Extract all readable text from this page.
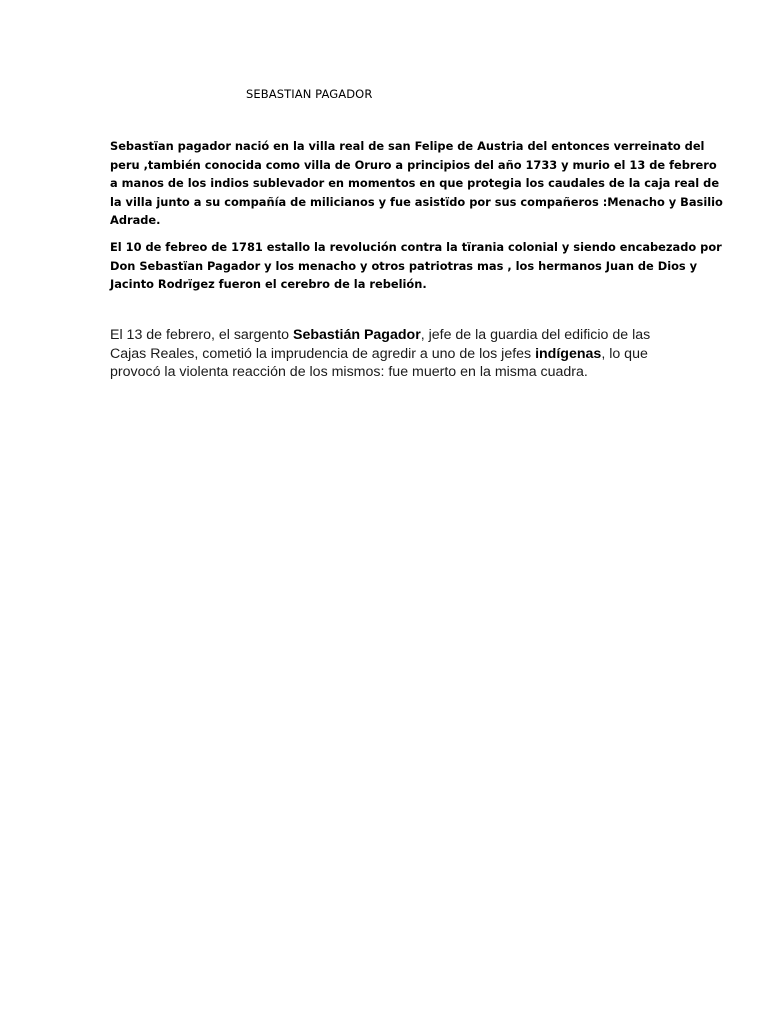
SEBASTIAN PAGADOR
Sebastïan pagador nació en la villa real de san Felipe de Austria del entonces verreinato del
peru ,también conocida como villa de Oruro a principios del año 1733 y murio el 13 de febrero
a manos de los indios sublevador en momentos en que protegia los caudales de la caja real de
la villa junto a su compañía de milicianos y fue asistïdo por sus compañeros :Menacho y Basilio
Adrade.
El 10 de febreo de 1781 estallo la revolución contra la tïrania colonial y siendo encabezado por
Don Sebastïan Pagador y los menacho y otros patriotras mas , los hermanos Juan de Dios y
Jacinto Rodrïgez fueron el cerebro de la rebelión.
El 13 de febrero, el sargento Sebastián Pagador, jefe de la guardia del edificio de las
Cajas Reales, cometió la imprudencia de agredir a uno de los jefes indígenas, lo que
provocó la violenta reacción de los mismos: fue muerto en la misma cuadra.
